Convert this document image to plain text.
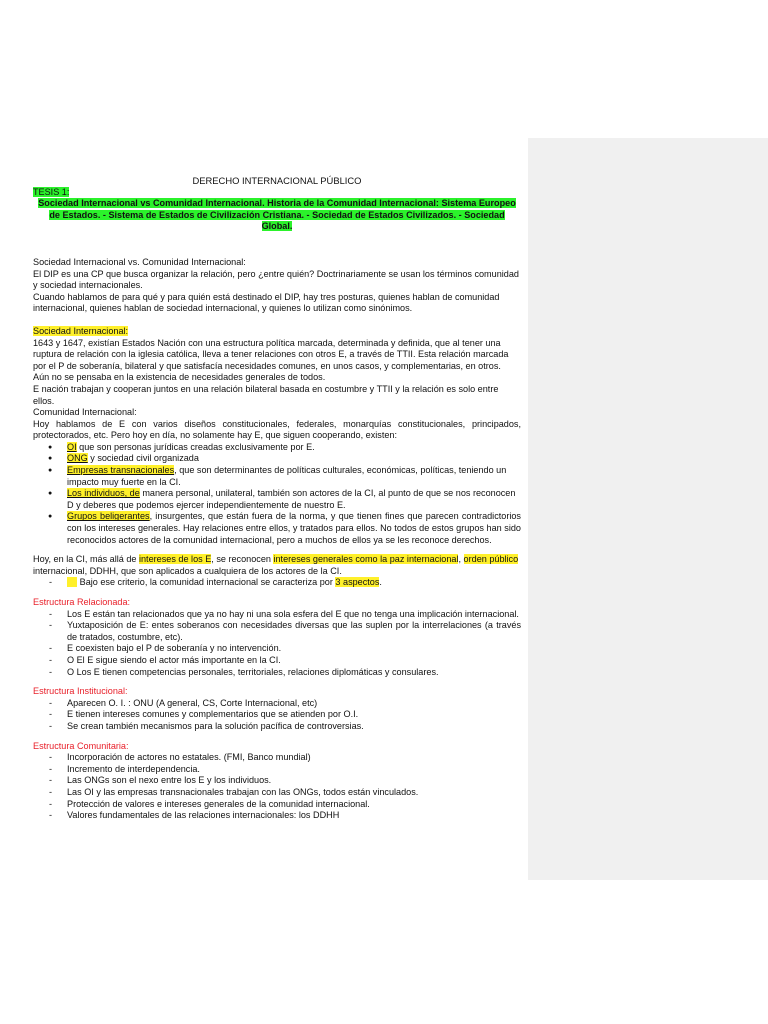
DERECHO INTERNACIONAL PÚBLICO

TESIS 1:

Sociedad Internacional vs Comunidad Internacional. Historia de la Comunidad Internacional: Sistema Europeo de Estados. - Sistema de Estados de Civilización Cristiana. - Sociedad de Estados Civilizados. - Sociedad Global.

Sociedad Internacional vs. Comunidad Internacional:

El DIP es una CP que busca organizar la relación, pero ¿entre quién? Doctrinariamente se usan los términos comunidad y sociedad internacionales.

Cuando hablamos de para qué y para quién está destinado el DIP, hay tres posturas, quienes hablan de comunidad internacional, quienes hablan de sociedad internacional, y quienes lo utilizan como sinónimos.

Sociedad Internacional:

1643 y 1647, existían Estados Nación con una estructura política marcada, determinada y definida, que al tener una ruptura de relación con la iglesia católica, lleva a tener relaciones con otros E, a través de TTII. Esta relación marcada por el P de soberanía, bilateral y que satisfacía necesidades comunes, en unos casos, y complementarias, en otros.

Aún no se pensaba en la existencia de necesidades generales de todos.

E nación trabajan y cooperan juntos en una relación bilateral basada en costumbre y TTII y la relación es solo entre ellos.

Comunidad Internacional:

Hoy hablamos de E con varios diseños constitucionales, federales, monarquías constitucionales, principados, protectorados, etc. Pero hoy en día, no solamente hay E, que siguen cooperando, existen:

● OI que son personas jurídicas creadas exclusivamente por E.
● ONG y sociedad civil organizada
● Empresas transnacionales, que son determinantes de políticas culturales, económicas, políticas, teniendo un impacto muy fuerte en la CI.
● Los individuos, de manera personal, unilateral, también son actores de la CI, al punto de que se nos reconocen D y deberes que podemos ejercer independientemente de nuestro E.
● Grupos beligerantes, insurgentes, que están fuera de la norma, y que tienen fines que parecen contradictorios con los intereses generales. Hay relaciones entre ellos, y tratados para ellos. No todos de estos grupos han sido reconocidos actores de la comunidad internacional, pero a muchos de ellos ya se les reconoce derechos.

Hoy, en la CI, más allá de intereses de los E, se reconocen intereses generales como la paz internacional, orden público internacional, DDHH, que son aplicados a cualquiera de los actores de la CI.

- Bajo ese criterio, la comunidad internacional se caracteriza por 3 aspectos.

Estructura Relacionada:

- Los E están tan relacionados que ya no hay ni una sola esfera del E que no tenga una implicación internacional.
- Yuxtaposición de E: entes soberanos con necesidades diversas que las suplen por la interrelaciones (a través de tratados, costumbre, etc).
- E coexisten bajo el P de soberanía y no intervención.
- O El E sigue siendo el actor más importante en la CI.
- O Los E tienen competencias personales, territoriales, relaciones diplomáticas y consulares.

Estructura Institucional:

- Aparecen O. I. : ONU (A general, CS, Corte Internacional, etc)
- E tienen intereses comunes y complementarios que se atienden por O.I.
- Se crean también mecanismos para la solución pacífica de controversias.

Estructura Comunitaria:

- Incorporación de actores no estatales. (FMI, Banco mundial)
- Incremento de interdependencia.
- Las ONGs son el nexo entre los E y los individuos.
- Las OI y las empresas transnacionales trabajan con las ONGs, todos están vinculados.
- Protección de valores e intereses generales de la comunidad internacional.
- Valores fundamentales de las relaciones internacionales: los DDHH
